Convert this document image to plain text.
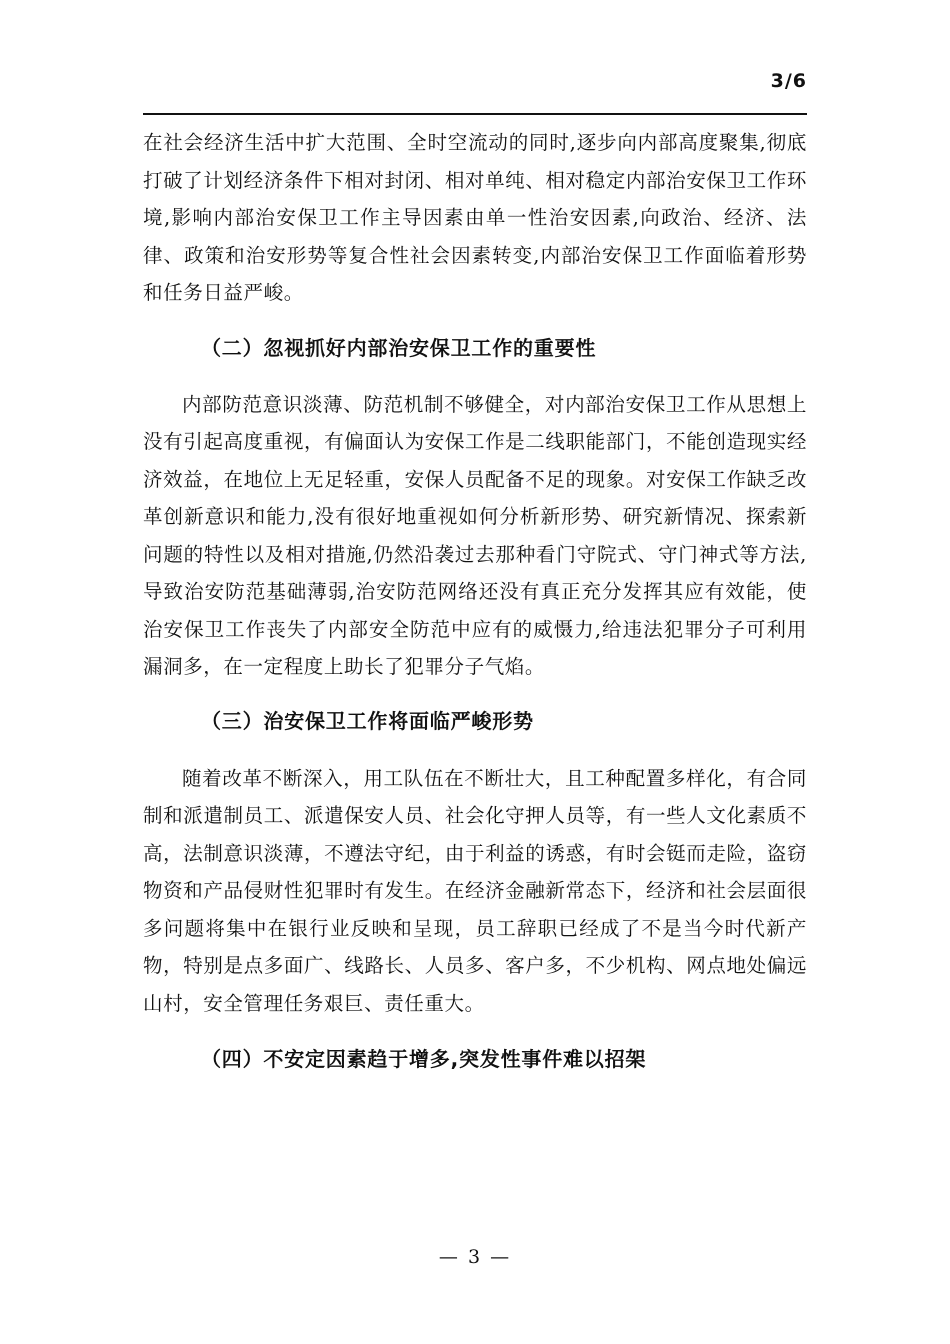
3/6

在社会经济生活中扩大范围、全时空流动的同时,逐步向内部高度聚集,彻底打破了计划经济条件下相对封闭、相对单纯、相对稳定内部治安保卫工作环境,影响内部治安保卫工作主导因素由单一性治安因素,向政治、经济、法律、政策和治安形势等复合性社会因素转变,内部治安保卫工作面临着形势和任务日益严峻。

（二）忽视抓好内部治安保卫工作的重要性

内部防范意识淡薄、防范机制不够健全，对内部治安保卫工作从思想上没有引起高度重视，有偏面认为安保工作是二线职能部门，不能创造现实经济效益，在地位上无足轻重，安保人员配备不足的现象。对安保工作缺乏改革创新意识和能力,没有很好地重视如何分析新形势、研究新情况、探索新问题的特性以及相对措施,仍然沿袭过去那种看门守院式、守门神式等方法,导致治安防范基础薄弱,治安防范网络还没有真正充分发挥其应有效能，使治安保卫工作丧失了内部安全防范中应有的威慑力,给违法犯罪分子可利用漏洞多，在一定程度上助长了犯罪分子气焰。

（三）治安保卫工作将面临严峻形势

随着改革不断深入，用工队伍在不断壮大，且工种配置多样化，有合同制和派遣制员工、派遣保安人员、社会化守押人员等，有一些人文化素质不高，法制意识淡薄，不遵法守纪，由于利益的诱惑，有时会铤而走险，盗窃物资和产品侵财性犯罪时有发生。在经济金融新常态下，经济和社会层面很多问题将集中在银行业反映和呈现，员工辞职已经成了不是当今时代新产物，特别是点多面广、线路长、人员多、客户多，不少机构、网点地处偏远山村，安全管理任务艰巨、责任重大。

（四）不安定因素趋于增多,突发性事件难以招架
— 3 —
